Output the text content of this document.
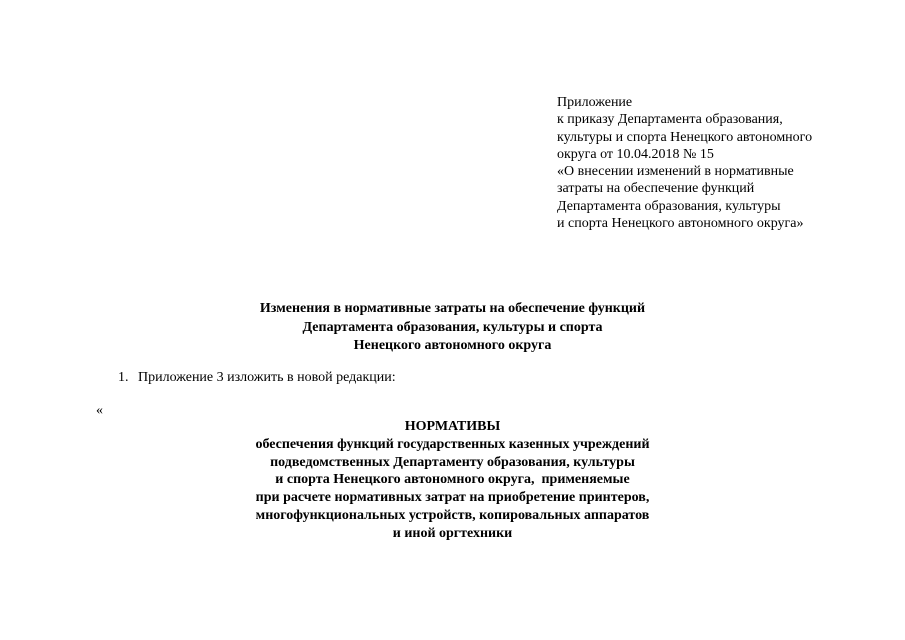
Приложение
к приказу Департамента образования,
культуры и спорта Ненецкого автономного
округа от 10.04.2018 № 15
«О внесении изменений в нормативные
затраты на обеспечение функций
Департамента образования, культуры
и спорта Ненецкого автономного округа»
Изменения в нормативные затраты на обеспечение функций
Департамента образования, культуры и спорта
Ненецкого автономного округа
1. Приложение 3 изложить в новой редакции:
«
НОРМАТИВЫ
обеспечения функций государственных казенных учреждений
подведомственных Департаменту образования, культуры
и спорта Ненецкого автономного округа,  применяемые
при расчете нормативных затрат на приобретение принтеров,
многофункциональных устройств, копировальных аппаратов
и иной оргтехники
